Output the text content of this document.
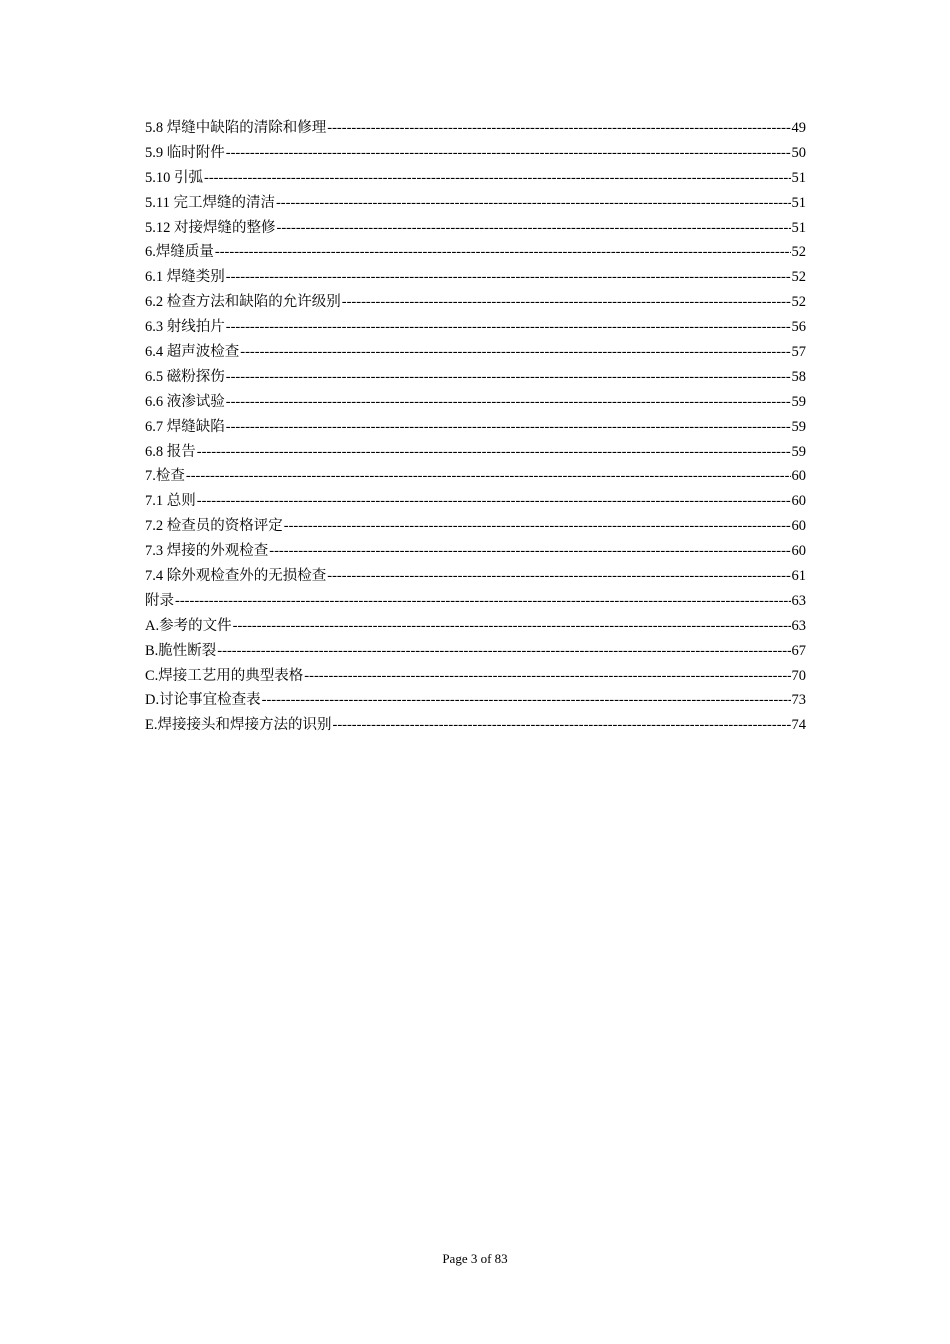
5.8 焊缝中缺陷的清除和修理 -----	49
5.9 临时附件 -----	50
5.10 引弧 -----	51
5.11 完工焊缝的清洁 -----	51
5.12 对接焊缝的整修 -----	51
6.焊缝质量 -----	52
6.1 焊缝类别 -----	52
6.2 检查方法和缺陷的允许级别 -----	52
6.3 射线拍片 -----	56
6.4 超声波检查 -----	57
6.5 磁粉探伤 -----	58
6.6 液渗试验 -----	59
6.7 焊缝缺陷 -----	59
6.8 报告 -----	59
7.检查 -----	60
7.1 总则 -----	60
7.2 检查员的资格评定 -----	60
7.3 焊接的外观检查 -----	60
7.4 除外观检查外的无损检查 -----	61
附录 -----	63
A.参考的文件 -----	63
B.脆性断裂 -----	67
C.焊接工艺用的典型表格 -----	70
D.讨论事宜检查表 -----	73
E.焊接接头和焊接方法的识别 -----	74
Page 3 of 83
